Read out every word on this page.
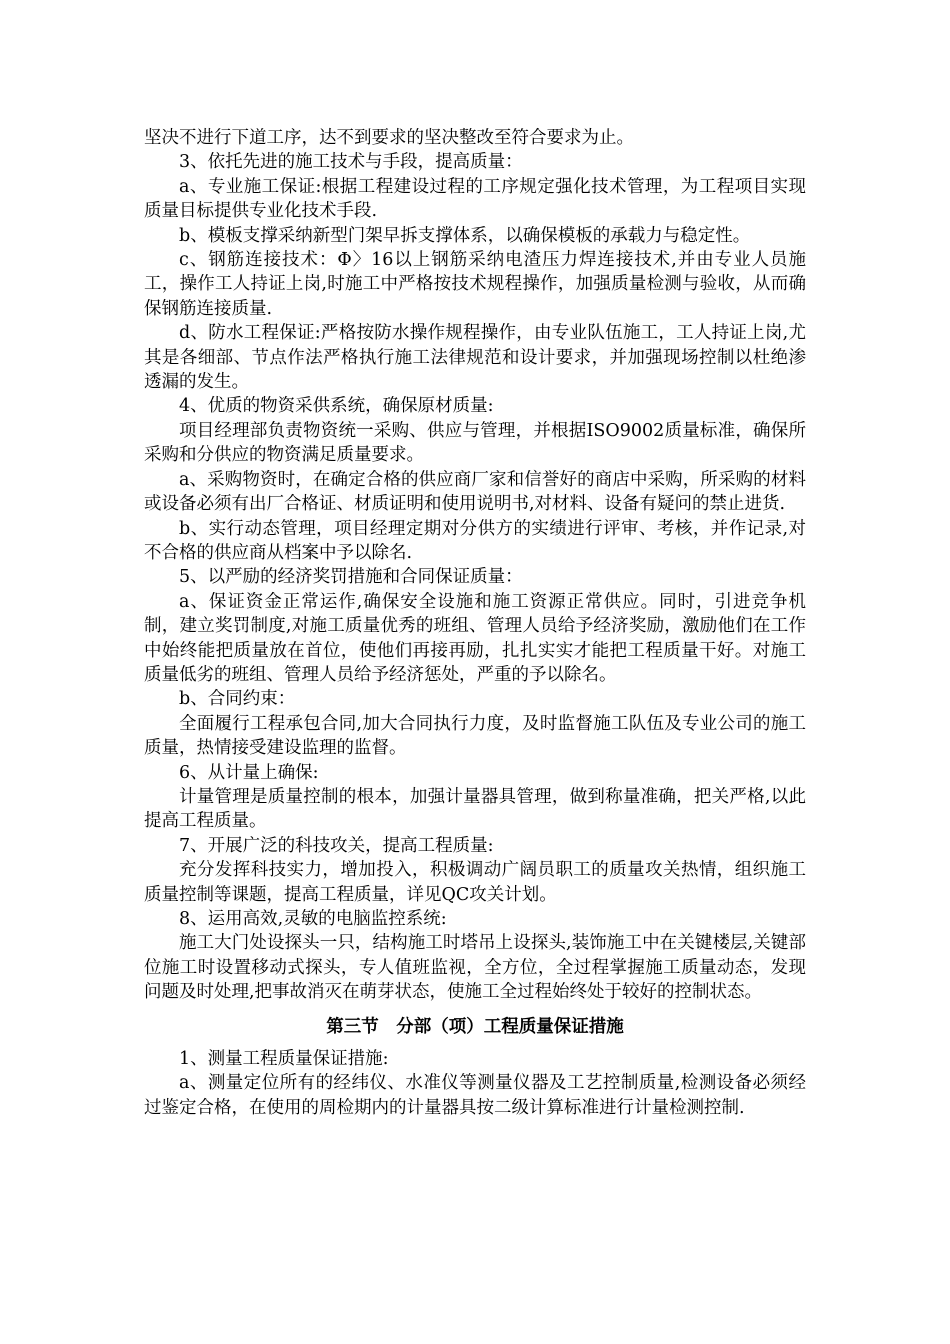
坚决不进行下道工序，达不到要求的坚决整改至符合要求为止。

3、依托先进的施工技术与手段，提高质量：

a、专业施工保证:根据工程建设过程的工序规定强化技术管理，为工程项目实现质量目标提供专业化技术手段.

b、模板支撑采纳新型门架早拆支撑体系，以确保模板的承载力与稳定性。

c、钢筋连接技术：Φ〉16以上钢筋采纳电渣压力焊连接技术,并由专业人员施工，操作工人持证上岗,时施工中严格按技术规程操作，加强质量检测与验收，从而确保钢筋连接质量.

d、防水工程保证:严格按防水操作规程操作，由专业队伍施工，工人持证上岗,尤其是各细部、节点作法严格执行施工法律规范和设计要求，并加强现场控制以杜绝渗透漏的发生。

4、优质的物资采供系统，确保原材质量:

项目经理部负责物资统一采购、供应与管理，并根据ISO9002质量标准，确保所采购和分供应的物资满足质量要求。

a、采购物资时，在确定合格的供应商厂家和信誉好的商店中采购，所采购的材料或设备必须有出厂合格证、材质证明和使用说明书,对材料、设备有疑问的禁止进货.

b、实行动态管理，项目经理定期对分供方的实绩进行评审、考核，并作记录,对不合格的供应商从档案中予以除名.

5、以严励的经济奖罚措施和合同保证质量：

a、保证资金正常运作,确保安全设施和施工资源正常供应。同时，引进竞争机制，建立奖罚制度,对施工质量优秀的班组、管理人员给予经济奖励，激励他们在工作中始终能把质量放在首位，使他们再接再励，扎扎实实才能把工程质量干好。对施工质量低劣的班组、管理人员给予经济惩处，严重的予以除名。

b、合同约束：

全面履行工程承包合同,加大合同执行力度，及时监督施工队伍及专业公司的施工质量，热情接受建设监理的监督。

6、从计量上确保:

计量管理是质量控制的根本，加强计量器具管理，做到称量准确，把关严格,以此提高工程质量。

7、开展广泛的科技攻关，提高工程质量:

充分发挥科技实力，增加投入，积极调动广阔员职工的质量攻关热情，组织施工质量控制等课题，提高工程质量，详见QC攻关计划。

8、运用高效,灵敏的电脑监控系统:

施工大门处设探头一只，结构施工时塔吊上设探头,装饰施工中在关键楼层,关键部位施工时设置移动式探头，专人值班监视，全方位，全过程掌握施工质量动态，发现问题及时处理,把事故消灭在萌芽状态，使施工全过程始终处于较好的控制状态。

第三节　分部（项）工程质量保证措施

1、测量工程质量保证措施:

a、测量定位所有的经纬仪、水准仪等测量仪器及工艺控制质量,检测设备必须经过鉴定合格，在使用的周检期内的计量器具按二级计算标准进行计量检测控制.
